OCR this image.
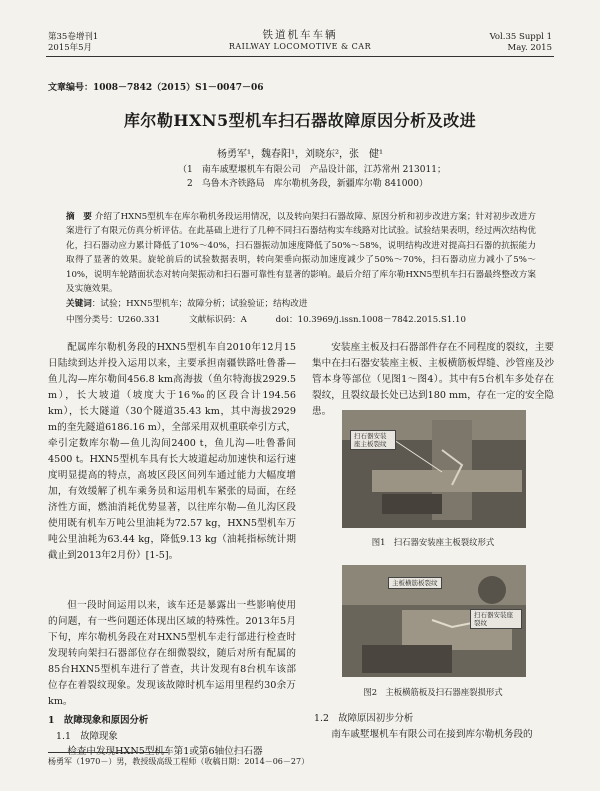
第35卷增刊1
2015年5月
铁道机车车辆
RAILWAY LOCOMOTIVE & CAR
Vol.35 Suppl 1
May. 2015
文章编号：1008－7842（2015）S1－0047－06
库尔勒HXN5型机车扫石器故障原因分析及改进
杨勇军¹，魏春阳¹，刘晓东²，张　健¹
（1　南车戚墅堰机车有限公司　产品设计部，江苏常州 213011；
　2　乌鲁木齐铁路局　库尔勒机务段，新疆库尔勒 841000）
摘　要 介绍了HXN5型机车在库尔勒机务段运用情况，以及转向架扫石器故障、原因分析和初步改进方案；针对初步改进方案进行了有限元仿真分析评估。在此基础上进行了几种不同扫石器结构实车线路对比试验。试验结果表明，经过两次结构优化，扫石器动应力累计降低了10%～40%，扫石器振动加速度降低了50%～58%，说明结构改进对提高扫石器的抗振能力取得了显著的效果。旋轮前后的试验数据表明，转向架垂向振动加速度减少了50%～70%，扫石器动应力减小了5%～10%，说明车轮踏面状态对转向架振动和扫石器可靠性有显著的影响。最后介绍了库尔勒HXN5型机车扫石器最终整改方案及实施效果。
关键词：试验；HXN5型机车；故障分析；试验验证；结构改进
中图分类号：U260.331	文献标识码：A	doi：10.3969/j.issn.1008－7842.2015.S1.10
配属库尔勒机务段的HXN5型机车自2010年12月15日陆续到达并投入运用以来，主要承担南疆铁路吐鲁番—鱼儿沟—库尔勒间456.8 km高海拔（鱼尔特海拔2929.5 m），长大坡道（坡度大于16‰的区段合计194.56 km），长大隧道（30个隧道35.43 km，其中海拔2929 m的奎先隧道6186.16 m），全部采用双机重联牵引方式，牵引定数库尔勒—鱼儿沟间2400 t，鱼儿沟—吐鲁番间4500 t。HXN5型机车具有长大坡道起动加速快和运行速度明显提高的特点，高坡区段区间列车通过能力大幅度增加，有效缓解了机车乘务员和运用机车紧张的局面，在经济性方面，燃油消耗优势显著，以往库尔勒—鱼儿沟区段使用既有机车万吨公里油耗为72.57 kg，HXN5型机车万吨公里油耗为63.44 kg，降低9.13 kg（油耗指标统计期截止到2013年2月份）[1-5]。
但一段时间运用以来，该车还是暴露出一些影响使用的问题，有一些问题还体现出区域的特殊性。2013年5月下旬，库尔勒机务段在对HXN5型机车走行部进行检查时发现转向架扫石器部位存在细微裂纹，随后对所有配属的85台HXN5型机车进行了普查，共计发现有8台机车该部位存在着裂纹现象。发现该故障时机车运用里程约30余万km。
1　故障现象和原因分析
1.1　故障现象
检查中发现HXN5型机车第1或第6轴位扫石器
安装座主板及扫石器部件存在不同程度的裂纹，主要集中在扫石器安装座主板、主板横筋板焊缝、沙管座及沙管本身等部位（见图1～图4）。其中有5台机车多处存在裂纹，且裂纹最长处已达到180 mm，存在一定的安全隐患。
扫石器安装座主板裂纹
图1　扫石器安装座主板裂纹形式
主板横筋板裂纹
扫石器安装座裂纹
图2　主板横筋板及扫石器座裂损形式
1.2　故障原因初步分析
南车戚墅堰机车有限公司在接到库尔勒机务段的
杨勇军（1970－）男，教授级高级工程师（收稿日期：2014－06－27）
